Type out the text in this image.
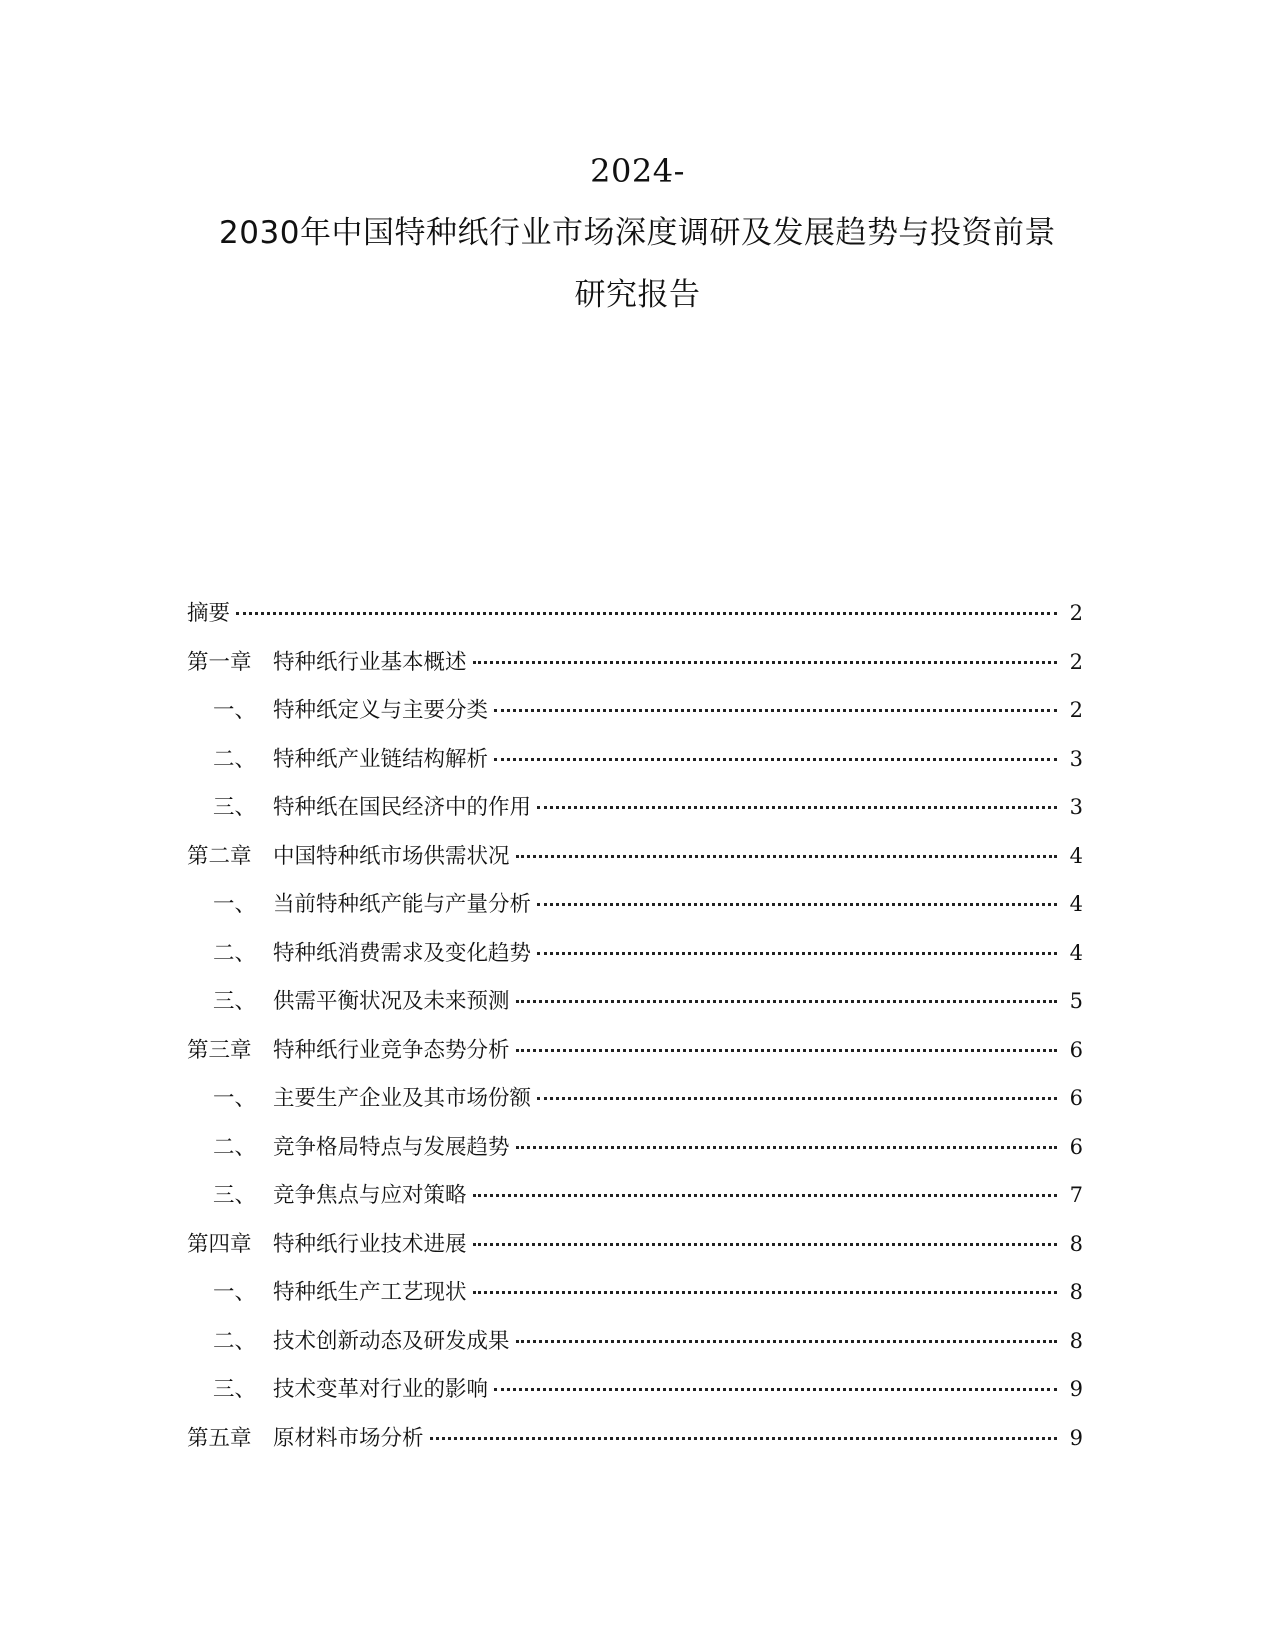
2024-
2030年中国特种纸行业市场深度调研及发展趋势与投资前景
研究报告
摘要	2
第一章 特种纸行业基本概述	2
一、 特种纸定义与主要分类	2
二、 特种纸产业链结构解析	3
三、 特种纸在国民经济中的作用	3
第二章 中国特种纸市场供需状况	4
一、 当前特种纸产能与产量分析	4
二、 特种纸消费需求及变化趋势	4
三、 供需平衡状况及未来预测	5
第三章 特种纸行业竞争态势分析	6
一、 主要生产企业及其市场份额	6
二、 竞争格局特点与发展趋势	6
三、 竞争焦点与应对策略	7
第四章 特种纸行业技术进展	8
一、 特种纸生产工艺现状	8
二、 技术创新动态及研发成果	8
三、 技术变革对行业的影响	9
第五章 原材料市场分析	9
